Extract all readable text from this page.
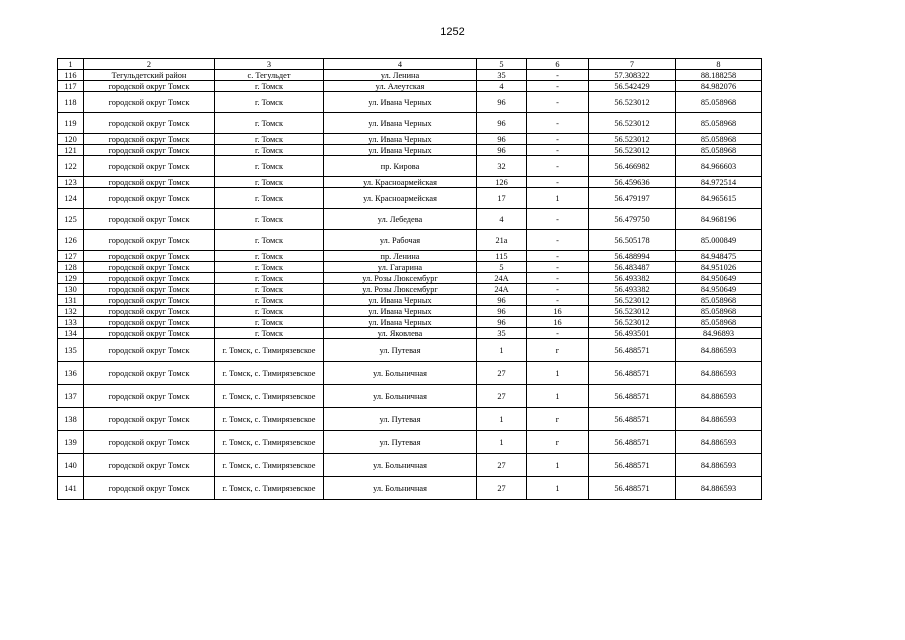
1252
1	2	3	4	5	6	7	8
116	Тегульдетский район	с. Тегульдет	ул. Ленина	35	-	57.308322	88.188258
117	городской округ Томск	г. Томск	ул. Алеутская	4	-	56.542429	84.982076
118	городской округ Томск	г. Томск	ул. Ивана Черных	96	-	56.523012	85.058968
119	городской округ Томск	г. Томск	ул. Ивана Черных	96	-	56.523012	85.058968
120	городской округ Томск	г. Томск	ул. Ивана Черных	96	-	56.523012	85.058968
121	городской округ Томск	г. Томск	ул. Ивана Черных	96	-	56.523012	85.058968
122	городской округ Томск	г. Томск	пр. Кирова	32	-	56.466982	84.966603
123	городской округ Томск	г. Томск	ул. Красноармейская	126	-	56.459636	84.972514
124	городской округ Томск	г. Томск	ул. Красноармейская	17	1	56.479197	84.965615
125	городской округ Томск	г. Томск	ул. Лебедева	4	-	56.479750	84.968196
126	городской округ Томск	г. Томск	ул. Рабочая	21а	-	56.505178	85.000849
127	городской округ Томск	г. Томск	пр. Ленина	115	-	56.488994	84.948475
128	городской округ Томск	г. Томск	ул. Гагарина	5	-	56.483487	84.951026
129	городской округ Томск	г. Томск	ул. Розы Люксембург	24А	-	56.493382	84.950649
130	городской округ Томск	г. Томск	ул. Розы Люксембург	24А	-	56.493382	84.950649
131	городской округ Томск	г. Томск	ул. Ивана Черных	96	-	56.523012	85.058968
132	городской округ Томск	г. Томск	ул. Ивана Черных	96	16	56.523012	85.058968
133	городской округ Томск	г. Томск	ул. Ивана Черных	96	16	56.523012	85.058968
134	городской округ Томск	г. Томск	ул. Яковлева	35	-	56.493501	84.96893
135	городской округ Томск	г. Томск, с. Тимирязевское	ул. Путевая	1	г	56.488571	84.886593
136	городской округ Томск	г. Томск, с. Тимирязевское	ул. Больничная	27	1	56.488571	84.886593
137	городской округ Томск	г. Томск, с. Тимирязевское	ул. Больничная	27	1	56.488571	84.886593
138	городской округ Томск	г. Томск, с. Тимирязевское	ул. Путевая	1	г	56.488571	84.886593
139	городской округ Томск	г. Томск, с. Тимирязевское	ул. Путевая	1	г	56.488571	84.886593
140	городской округ Томск	г. Томск, с. Тимирязевское	ул. Больничная	27	1	56.488571	84.886593
141	городской округ Томск	г. Томск, с. Тимирязевское	ул. Больничная	27	1	56.488571	84.886593
